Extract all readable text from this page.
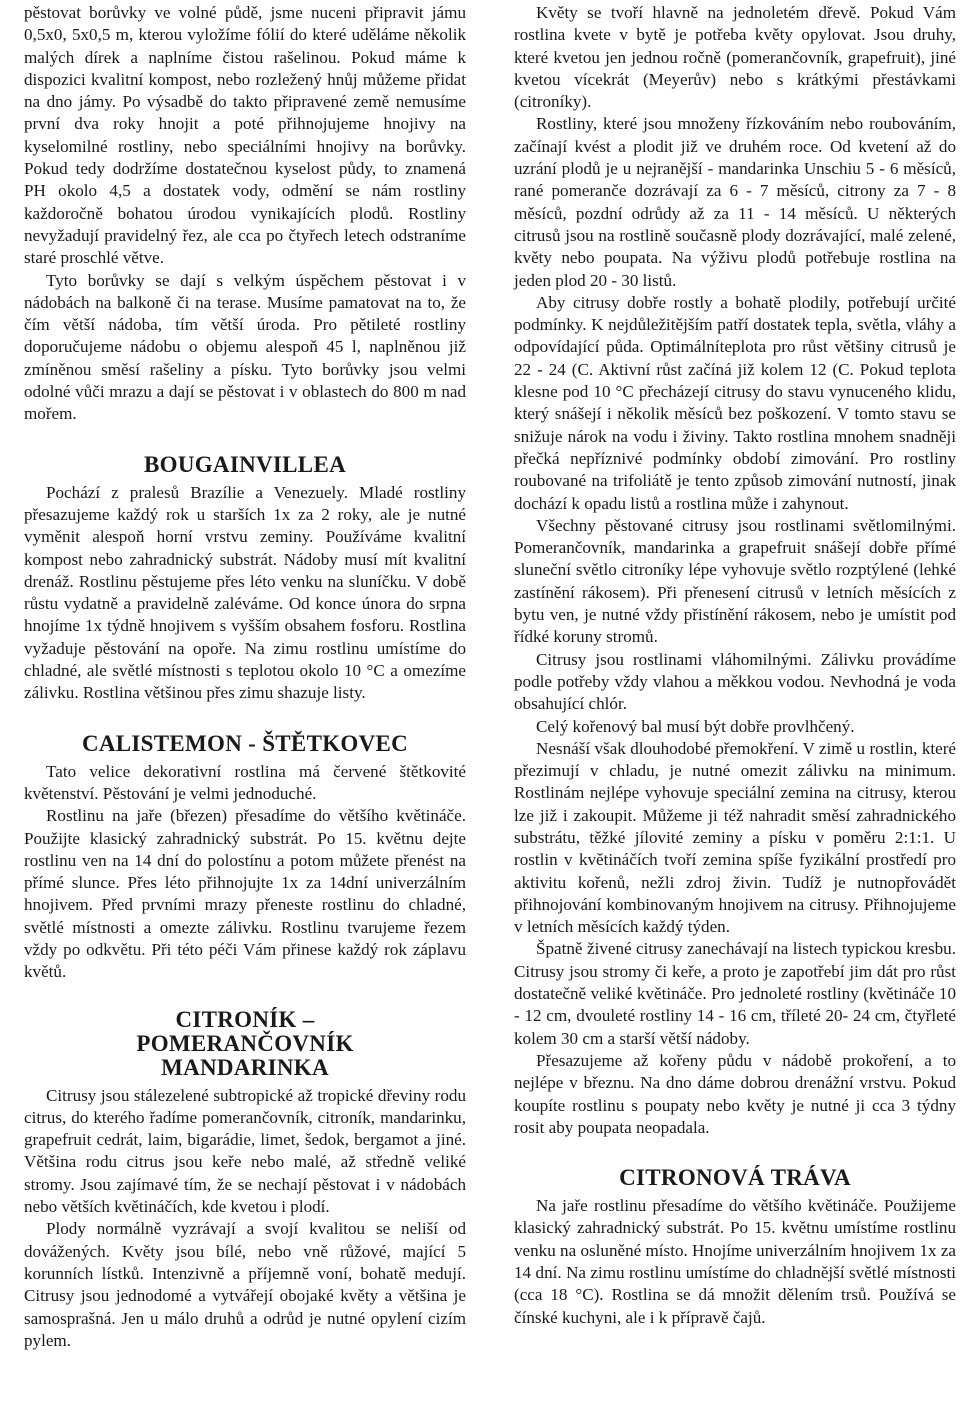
pěstovat borůvky ve volné půdě, jsme nuceni připravit jámu 0,5x0, 5x0,5 m, kterou vyložíme fólií do které uděláme několik malých dírek a naplníme čistou rašelinou. Pokud máme k dispozici kvalitní kompost, nebo rozležený hnůj můžeme přidat na dno jámy. Po výsadbě do takto připravené země nemusíme první dva roky hnojit a poté přihnojujeme hnojivy na kyselomilné rostliny, nebo speciálními hnojivy na borůvky. Pokud tedy dodržíme dostatečnou kyselost půdy, to znamená PH okolo 4,5 a dostatek vody, odmění se nám rostliny každoročně bohatou úrodou vynikajících plodů. Rostliny nevyžadují pravidelný řez, ale cca po čtyřech letech odstraníme staré proschlé větve.

Tyto borůvky se dají s velkým úspěchem pěstovat i v nádobách na balkoně či na terase. Musíme pamatovat na to, že čím větší nádoba, tím větší úroda. Pro pětileté rostliny doporučujeme nádobu o objemu alespoň 45 l, naplněnou již zmíněnou směsí rašeliny a písku. Tyto borůvky jsou velmi odolné vůči mrazu a dají se pěstovat i v oblastech do 800 m nad mořem.

BOUGAINVILLEA

Pochází z pralesů Brazílie a Venezuely. Mladé rostliny přesazujeme každý rok u starších 1x za 2 roky, ale je nutné vyměnit alespoň horní vrstvu zeminy. Používáme kvalitní kompost nebo zahradnický substrát. Nádoby musí mít kvalitní drenáž. Rostlinu pěstujeme přes léto venku na sluníčku. V době růstu vydatně a pravidelně zaléváme. Od konce února do srpna hnojíme 1x týdně hnojivem s vyšším obsahem fosforu. Rostlina vyžaduje pěstování na opoře. Na zimu rostlinu umístíme do chladné, ale světlé místnosti s teplotou okolo 10 °C a omezíme zálivku. Rostlina většinou přes zimu shazuje listy.

CALISTEMON - ŠTĚTKOVEC

Tato velice dekorativní rostlina má červené štětkovité květenství. Pěstování je velmi jednoduché.

Rostlinu na jaře (březen) přesadíme do většího květináče. Použijte klasický zahradnický substrát. Po 15. květnu dejte rostlinu ven na 14 dní do polostínu a potom můžete přenést na přímé slunce. Přes léto přihnojujte 1x za 14dní univerzálním hnojivem. Před prvními mrazy přeneste rostlinu do chladné, světlé místnosti a omezte zálivku. Rostlinu tvarujeme řezem vždy po odkvětu. Při této péči Vám přinese každý rok záplavu květů.

CITRONÍK –
POMERANČOVNÍK
MANDARINKA

Citrusy jsou stálezelené subtropické až tropické dřeviny rodu citrus, do kterého řadíme pomerančovník, citroník, mandarinku, grapefruit cedrát, laim, bigarádie, limet, šedok, bergamot a jiné. Většina rodu citrus jsou keře nebo malé, až středně veliké stromy. Jsou zajímavé tím, že se nechají pěstovat i v nádobách nebo větších květináčích, kde kvetou i plodí.

Plody normálně vyzrávají a svojí kvalitou se neliší od dovážených. Květy jsou bílé, nebo vně růžové, mající 5 korunních lístků. Intenzivně a příjemně voní, bohatě medují. Citrusy jsou jednodomé a vytvářejí obojaké květy a většina je samosprašná. Jen u málo druhů a odrůd je nutné opylení cizím pylem.

Květy se tvoří hlavně na jednoletém dřevě. Pokud Vám rostlina kvete v bytě je potřeba květy opylovat. Jsou druhy, které kvetou jen jednou ročně (pomerančovník, grapefruit), jiné kvetou vícekrát (Meyerův) nebo s krátkými přestávkami (citroníky).

Rostliny, které jsou množeny řízkováním nebo roubováním, začínají kvést a plodit již ve druhém roce. Od kvetení až do uzrání plodů je u nejranější - mandarinka Unschiu 5 - 6 měsíců, rané pomeranče dozrávají za 6 - 7 měsíců, citrony za 7 - 8 měsíců, pozdní odrůdy až za 11 - 14 měsíců. U některých citrusů jsou na rostlině současně plody dozrávající, malé zelené, květy nebo poupata. Na výživu plodů potřebuje rostlina na jeden plod 20 - 30 listů.

Aby citrusy dobře rostly a bohatě plodily, potřebují určité podmínky. K nejdůležitějším patří dostatek tepla, světla, vláhy a odpovídající půda. Optimálníteplota pro růst většiny citrusů je 22 - 24 (C. Aktivní růst začíná již kolem 12 (C. Pokud teplota klesne pod 10 °C přecházejí citrusy do stavu vynuceného klidu, který snášejí i několik měsíců bez poškození. V tomto stavu se snižuje nárok na vodu i živiny. Takto rostlina mnohem snadněji přečká nepříznivé podmínky období zimování. Pro rostliny roubované na trifoliátě je tento způsob zimování nutností, jinak dochází k opadu listů a rostlina může i zahynout.

Všechny pěstované citrusy jsou rostlinami světlomilnými. Pomerančovník, mandarinka a grapefruit snášejí dobře přímé sluneční světlo citroníky lépe vyhovuje světlo rozptýlené (lehké zastínění rákosem). Při přenesení citrusů v letních měsících z bytu ven, je nutné vždy přistínění rákosem, nebo je umístit pod řídké koruny stromů.

Citrusy jsou rostlinami vláhomilnými. Zálivku provádíme podle potřeby vždy vlahou a měkkou vodou. Nevhodná je voda obsahující chlór.

Celý kořenový bal musí být dobře provlhčený.

Nesnáší však dlouhodobé přemokření. V zimě u rostlin, které přezimují v chladu, je nutné omezit zálivku na minimum. Rostlinám nejlépe vyhovuje speciální zemina na citrusy, kterou lze již i zakoupit. Můžeme ji též nahradit směsí zahradnického substrátu, těžké jílovité zeminy a písku v poměru 2:1:1. U rostlin v květináčích tvoří zemina spíše fyzikální prostředí pro aktivitu kořenů, nežli zdroj živin. Tudíž je nutnopřovádět přihnojování kombinovaným hnojivem na citrusy. Přihnojujeme v letních měsících každý týden.

Špatně živené citrusy zanechávají na listech typickou kresbu. Citrusy jsou stromy či keře, a proto je zapotřebí jim dát pro růst dostatečně veliké květináče. Pro jednoleté rostliny (květináče 10 - 12 cm, dvouleté rostliny 14 - 16 cm, tříleté 20- 24 cm, čtyřleté kolem 30 cm a starší větší nádoby.

Přesazujeme až kořeny půdu v nádobě prokoření, a to nejlépe v březnu. Na dno dáme dobrou drenážní vrstvu. Pokud koupíte rostlinu s poupaty nebo květy je nutné ji cca 3 týdny rosit aby poupata neopadala.

CITRONOVÁ TRÁVA

Na jaře rostlinu přesadíme do většího květináče. Použijeme klasický zahradnický substrát. Po 15. květnu umístíme rostlinu venku na osluněné místo. Hnojíme univerzálním hnojivem 1x za 14 dní. Na zimu rostlinu umístíme do chladnější světlé místnosti (cca 18 °C). Rostlina se dá množit dělením trsů. Používá se čínské kuchyni, ale i k přípravě čajů.
